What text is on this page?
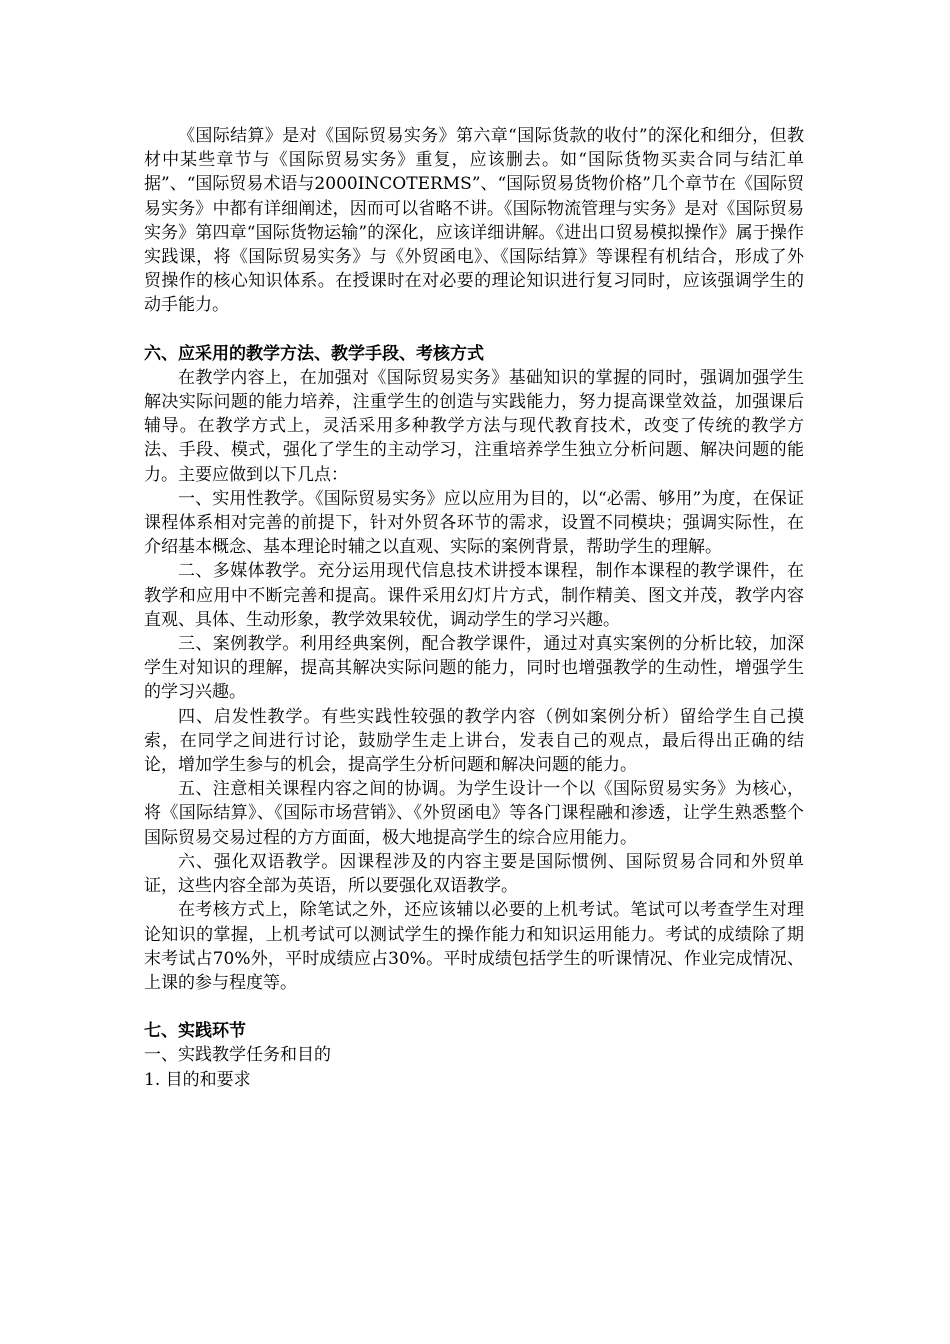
《国际结算》是对《国际贸易实务》第六章“国际货款的收付”的深化和细分，但教材中某些章节与《国际贸易实务》重复，应该删去。如“国际货物买卖合同与结汇单据”、“国际贸易术语与2000INCOTERMS”、“国际贸易货物价格”几个章节在《国际贸易实务》中都有详细阐述，因而可以省略不讲。《国际物流管理与实务》是对《国际贸易实务》第四章“国际货物运输”的深化，应该详细讲解。《进出口贸易模拟操作》属于操作实践课，将《国际贸易实务》与《外贸函电》、《国际结算》等课程有机结合，形成了外贸操作的核心知识体系。在授课时在对必要的理论知识进行复习同时，应该强调学生的动手能力。

六、应采用的教学方法、教学手段、考核方式

在教学内容上，在加强对《国际贸易实务》基础知识的掌握的同时，强调加强学生解决实际问题的能力培养，注重学生的创造与实践能力，努力提高课堂效益，加强课后辅导。在教学方式上，灵活采用多种教学方法与现代教育技术，改变了传统的教学方法、手段、模式，强化了学生的主动学习，注重培养学生独立分析问题、解决问题的能力。主要应做到以下几点：

一、实用性教学。《国际贸易实务》应以应用为目的，以“必需、够用”为度，在保证课程体系相对完善的前提下，针对外贸各环节的需求，设置不同模块；强调实际性，在介绍基本概念、基本理论时辅之以直观、实际的案例背景，帮助学生的理解。

二、多媒体教学。充分运用现代信息技术讲授本课程，制作本课程的教学课件，在教学和应用中不断完善和提高。课件采用幻灯片方式，制作精美、图文并茂，教学内容直观、具体、生动形象，教学效果较优，调动学生的学习兴趣。

三、案例教学。利用经典案例，配合教学课件，通过对真实案例的分析比较，加深学生对知识的理解，提高其解决实际问题的能力，同时也增强教学的生动性，增强学生的学习兴趣。

四、启发性教学。有些实践性较强的教学内容（例如案例分析）留给学生自己摸索，在同学之间进行讨论，鼓励学生走上讲台，发表自己的观点，最后得出正确的结论，增加学生参与的机会，提高学生分析问题和解决问题的能力。

五、注意相关课程内容之间的协调。为学生设计一个以《国际贸易实务》为核心，将《国际结算》、《国际市场营销》、《外贸函电》等各门课程融和渗透，让学生熟悉整个国际贸易交易过程的方方面面，极大地提高学生的综合应用能力。

六、强化双语教学。因课程涉及的内容主要是国际惯例、国际贸易合同和外贸单证，这些内容全部为英语，所以要强化双语教学。

在考核方式上，除笔试之外，还应该辅以必要的上机考试。笔试可以考查学生对理论知识的掌握，上机考试可以测试学生的操作能力和知识运用能力。考试的成绩除了期末考试占70%外，平时成绩应占30%。平时成绩包括学生的听课情况、作业完成情况、上课的参与程度等。

七、实践环节

一、实践教学任务和目的

1. 目的和要求
